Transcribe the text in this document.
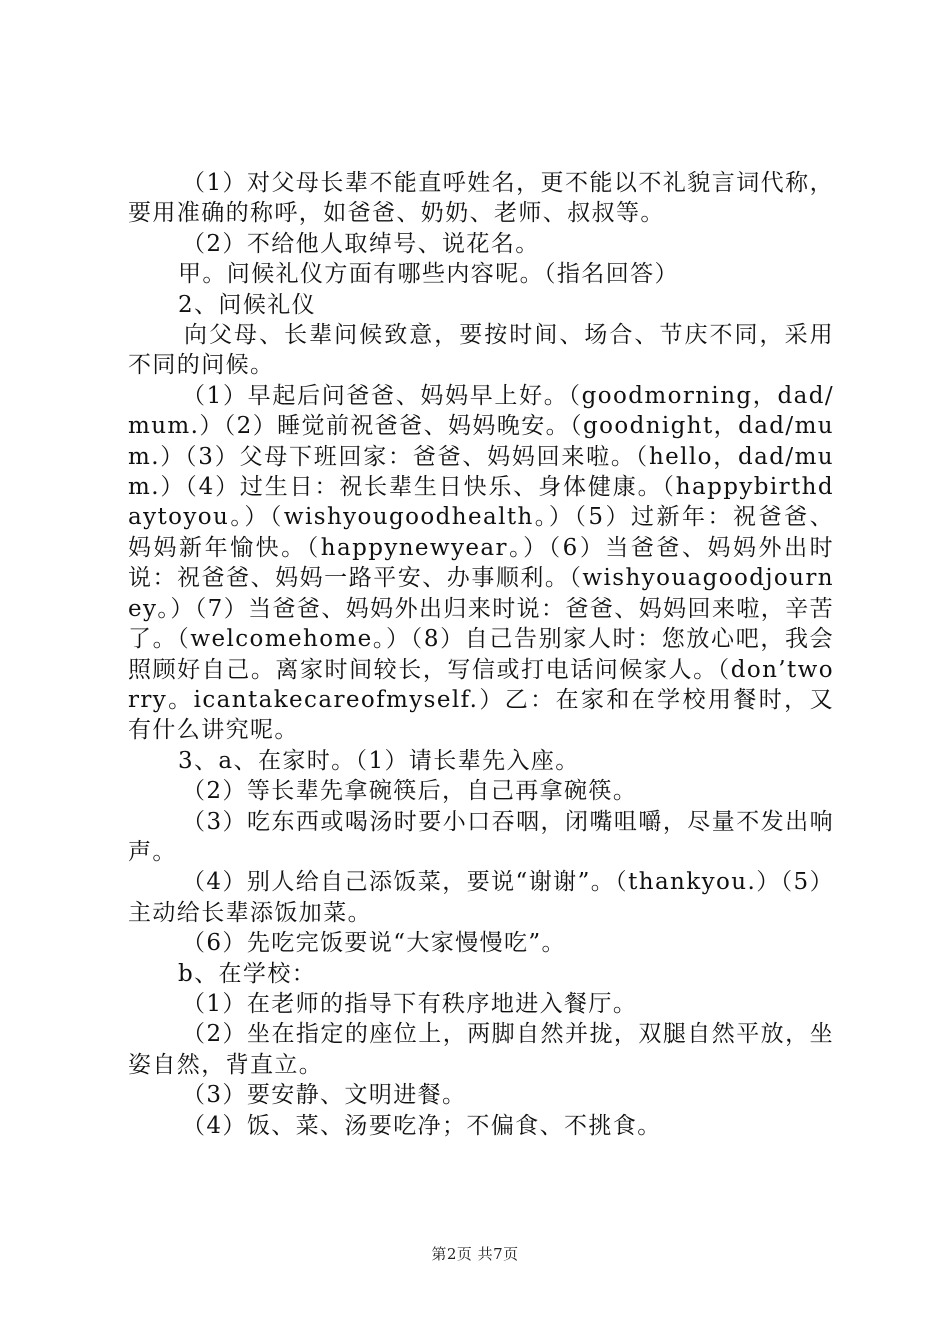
（1）对父母长辈不能直呼姓名，更不能以不礼貌言词代称，要用准确的称呼，如爸爸、奶奶、老师、叔叔等。

（2）不给他人取绰号、说花名。

甲。问候礼仪方面有哪些内容呢。（指名回答）

2、问候礼仪

向父母、长辈问候致意，要按时间、场合、节庆不同，采用不同的问候。

（1）早起后问爸爸、妈妈早上好。（goodmorning，dad/mum.）（2）睡觉前祝爸爸、妈妈晚安。（goodnight，dad/mum.）（3）父母下班回家：爸爸、妈妈回来啦。（hello，dad/mum.）（4）过生日：祝长辈生日快乐、身体健康。（happybirthdaytoyou。）（wishyougoodhealth。）（5）过新年：祝爸爸、妈妈新年愉快。（happynewyear。）（6）当爸爸、妈妈外出时说：祝爸爸、妈妈一路平安、办事顺利。（wishyouagoodjourney。）（7）当爸爸、妈妈外出归来时说：爸爸、妈妈回来啦，辛苦了。（welcomehome。）（8）自己告别家人时：您放心吧，我会照顾好自己。离家时间较长，写信或打电话问候家人。（don’tworry。icantakecareofmyself.）乙：在家和在学校用餐时，又有什么讲究呢。

3、a、在家时。（1）请长辈先入座。

（2）等长辈先拿碗筷后，自己再拿碗筷。

（3）吃东西或喝汤时要小口吞咽，闭嘴咀嚼，尽量不发出响声。

（4）别人给自己添饭菜，要说“谢谢”。（thankyou.）（5）主动给长辈添饭加菜。

（6）先吃完饭要说“大家慢慢吃”。

b、在学校：

（1）在老师的指导下有秩序地进入餐厅。

（2）坐在指定的座位上，两脚自然并拢，双腿自然平放，坐姿自然，背直立。

（3）要安静、文明进餐。

（4）饭、菜、汤要吃净；不偏食、不挑食。

第2页 共7页
